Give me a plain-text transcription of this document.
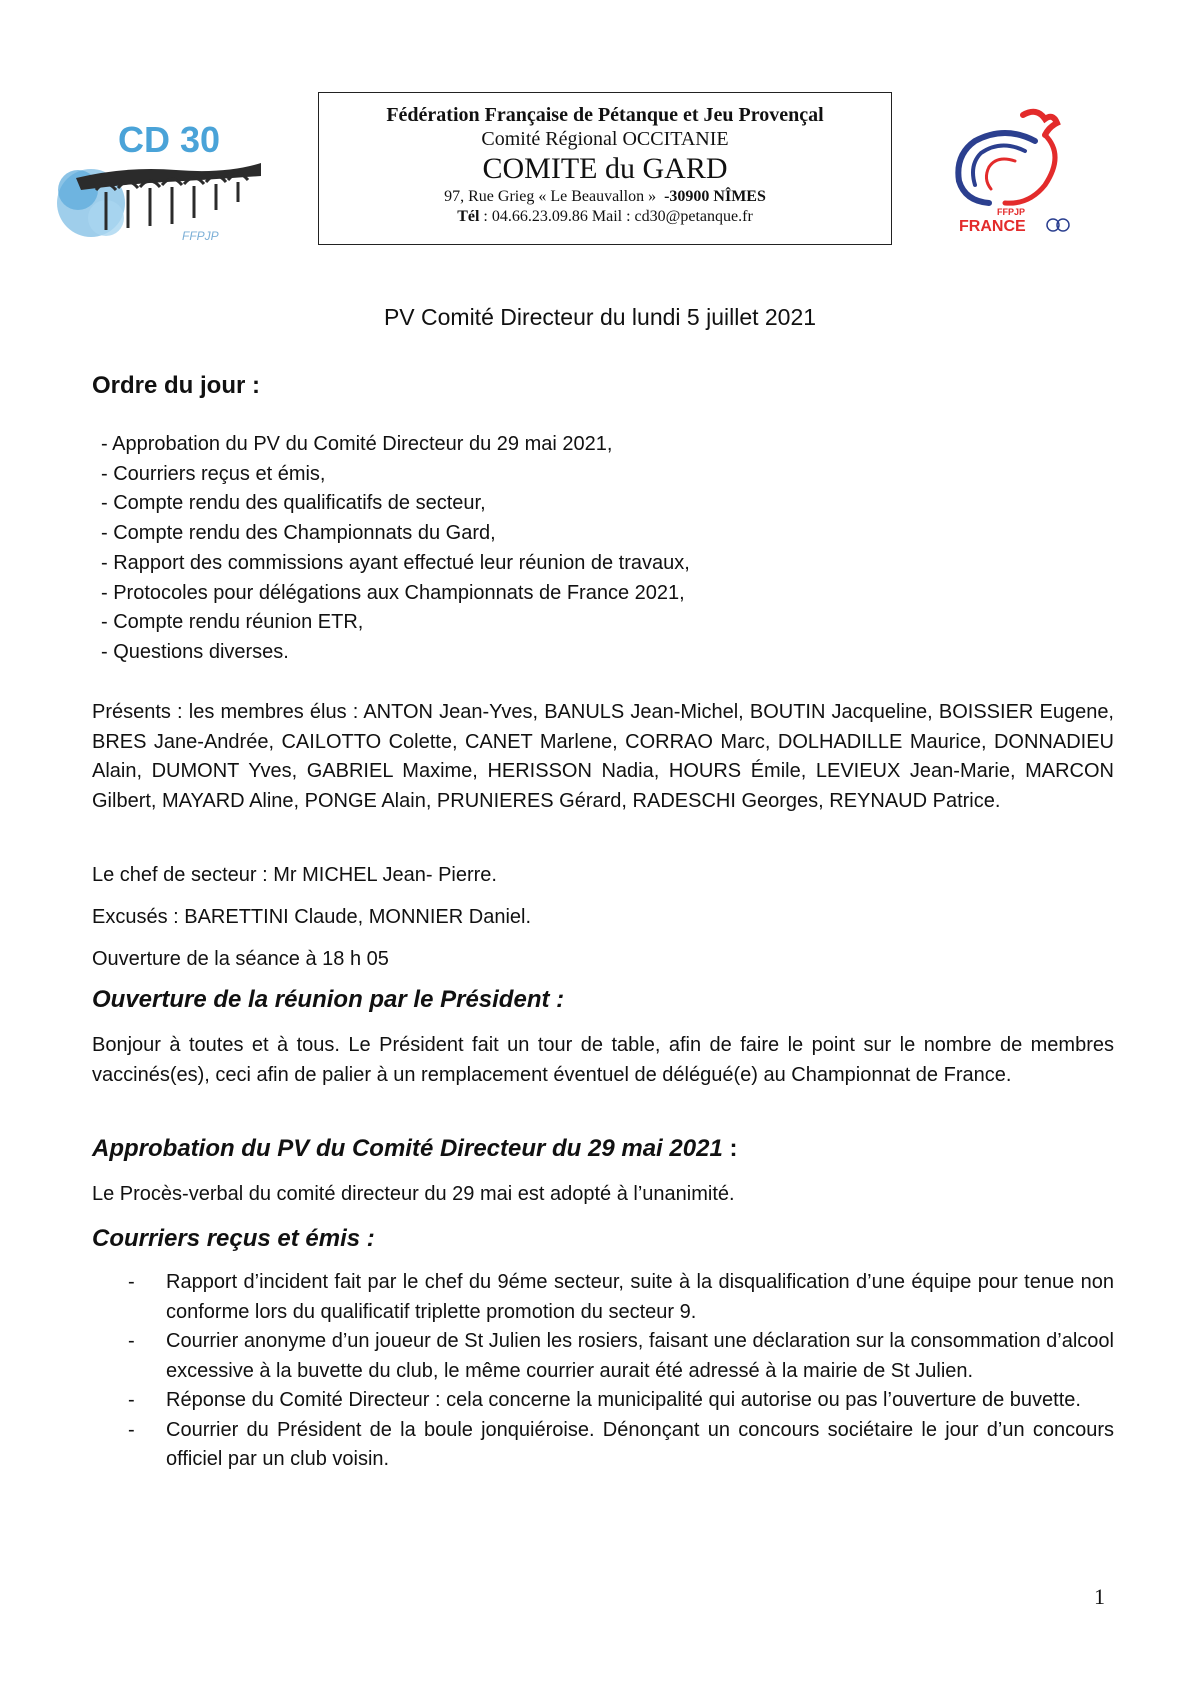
CD 30
FFPJP
Fédération Française de Pétanque et Jeu Provençal
Comité Régional OCCITANIE
COMITE du GARD
97, Rue Grieg « Le Beauvallon » -30900 NÎMES
Tél : 04.66.23.09.86 Mail : cd30@petanque.fr	FFPJP
FRANCE
PV Comité Directeur du lundi 5 juillet 2021
Ordre du jour :
- Approbation du PV du Comité Directeur du 29 mai 2021,
- Courriers reçus et émis,
- Compte rendu des qualificatifs de secteur,
- Compte rendu des Championnats du Gard,
- Rapport des commissions ayant effectué leur réunion de travaux,
- Protocoles pour délégations aux Championnats de France 2021,
- Compte rendu réunion ETR,
- Questions diverses.

Présents : les membres élus : ANTON Jean-Yves, BANULS Jean-Michel, BOUTIN Jacqueline, BOISSIER Eugene, BRES Jane-Andrée, CAILOTTO Colette, CANET Marlene, CORRAO Marc, DOLHADILLE Maurice, DONNADIEU Alain, DUMONT Yves, GABRIEL Maxime, HERISSON Nadia, HOURS Émile, LEVIEUX Jean-Marie, MARCON Gilbert, MAYARD Aline, PONGE Alain, PRUNIERES Gérard, RADESCHI Georges, REYNAUD Patrice.

Le chef de secteur : Mr MICHEL Jean- Pierre.

Excusés : BARETTINI Claude, MONNIER Daniel.

Ouverture de la séance à 18 h 05

Ouverture de la réunion par le Président :

Bonjour à toutes et à tous. Le Président fait un tour de table, afin de faire le point sur le nombre de membres vaccinés(es), ceci afin de palier à un remplacement éventuel de délégué(e) au Championnat de France.

Approbation du PV du Comité Directeur du 29 mai 2021 :

Le Procès-verbal du comité directeur du 29 mai est adopté à l’unanimité.

Courriers reçus et émis :
- Rapport d’incident fait par le chef du 9éme secteur, suite à la disqualification d’une équipe pour tenue non conforme lors du qualificatif triplette promotion du secteur 9.
- Courrier anonyme d’un joueur de St Julien les rosiers, faisant une déclaration sur la consommation d’alcool excessive à la buvette du club, le même courrier aurait été adressé à la mairie de St Julien.
- Réponse du Comité Directeur : cela concerne la municipalité qui autorise ou pas l’ouverture de buvette.
- Courrier du Président de la boule jonquiéroise. Dénonçant un concours sociétaire le jour d’un concours officiel par un club voisin.
1
